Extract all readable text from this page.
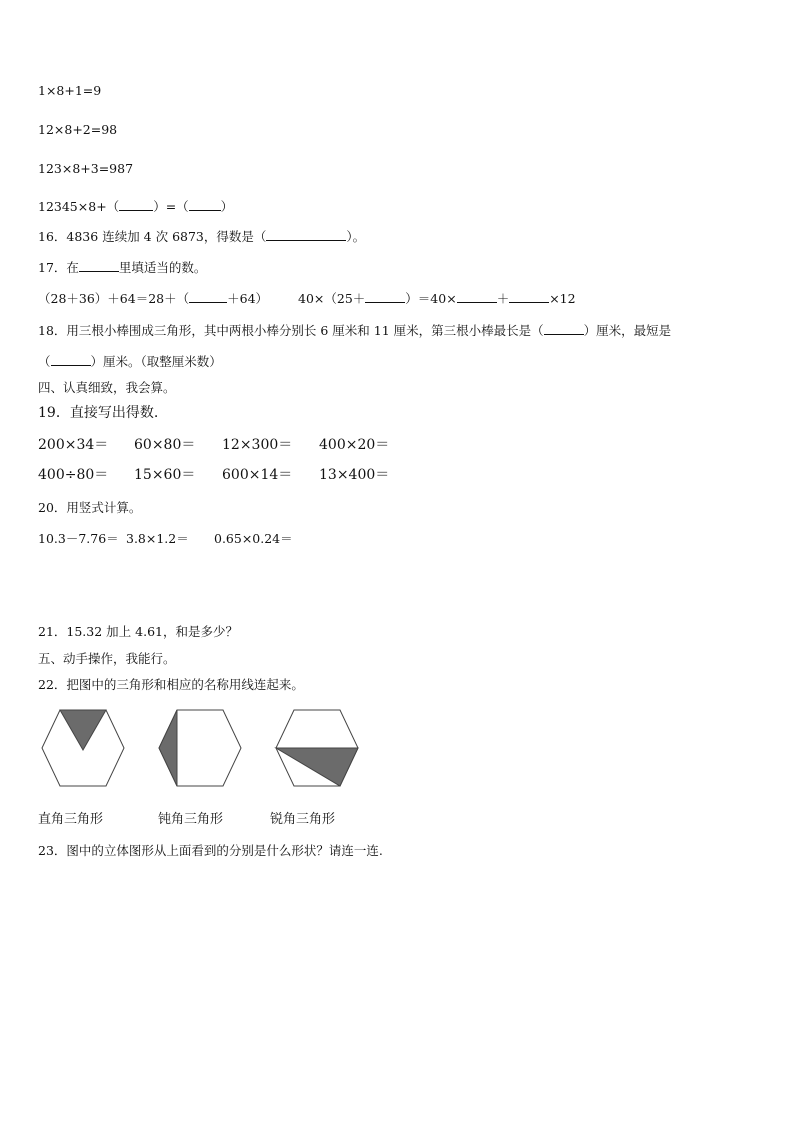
1×8+1=9
12×8+2=98
123×8+3=987
12345×8+（	）=（	）
16．4836 连续加 4 次 6873，得数是（	）。
17．在	里填适当的数。
（28＋36）＋64＝28＋（	＋64） 40×（25＋	）＝40×	＋	×12
18．用三根小棒围成三角形，其中两根小棒分别长 6 厘米和 11 厘米，第三根小棒最长是（	）厘米，最短是
（	）厘米。（取整厘米数）
四、认真细致，我会算。
19．直接写出得数.
200×34＝ 60×80＝ 12×300＝ 400×20＝
400÷80＝ 15×60＝ 600×14＝ 13×400＝
20．用竖式计算。
10.3－7.76＝ 3.8×1.2＝ 0.65×0.24＝
21．15.32 加上 4.61，和是多少？
五、动手操作，我能行。
22．把图中的三角形和相应的名称用线连起来。
直角三角形	钝角三角形	锐角三角形
23．图中的立体图形从上面看到的分别是什么形状？请连一连.
